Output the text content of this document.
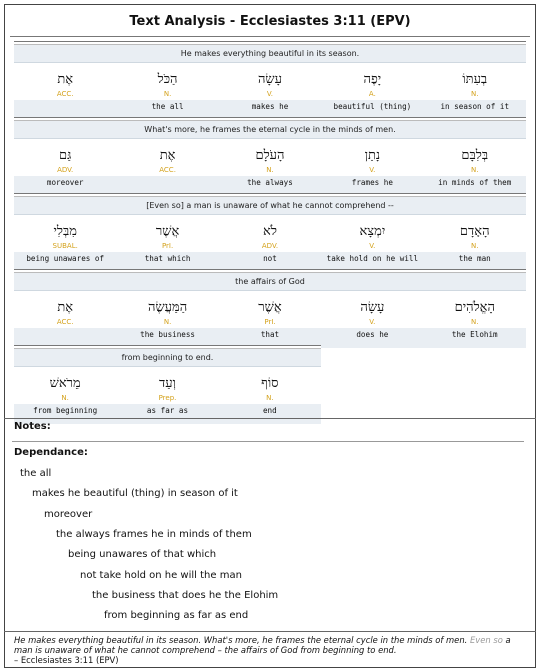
Text Analysis - Ecclesiastes 3:11 (EPV)
He makes everything beautiful in its season.
אֶת
ACC.
הַכֹּל
N.
the all
עָשָׂה
V.
makes he
יָפֶה
A.
beautiful (thing)
בְעִתּוֹ
N.
in season of it
What's more, he frames the eternal cycle in the minds of men.
גַּם
ADV.
moreover
אֶת
ACC.
הָעֹלָם
N.
the always
נָתַן
V.
frames he
בְּלִבָּם
N.
in minds of them
[Even so] a man is unaware of what he cannot comprehend --
מִבְּלִי
SUBAL.
being unawares of
אֲשֶׁר
PrI.
that which
לֹא
ADV.
not
יִמְצָא
V.
take hold on he will
הָאָדָם
N.
the man
the affairs of God
אֶת
ACC.
הַמַּעֲשֶׂה
N.
the business
אֲשֶׁר
PrI.
that
עָשָׂה
V.
does he
הָאֱלֹהִים
N.
the Elohim
from beginning to end.
מֵרֹאשׁ
N.
from beginning
וְעַד
Prep.
as far as
סוֹף
N.
end
Notes:
Dependance:
the all
makes he beautiful (thing) in season of it
moreover
the always frames he in minds of them
being unawares of that which
not take hold on he will the man
the business that does he the Elohim
from beginning as far as end
He makes everything beautiful in its season. What's more, he frames the eternal cycle in the minds of men. Even so a man is unaware of what he cannot comprehend – the affairs of God from beginning to end.
– Ecclesiastes 3:11 (EPV)
